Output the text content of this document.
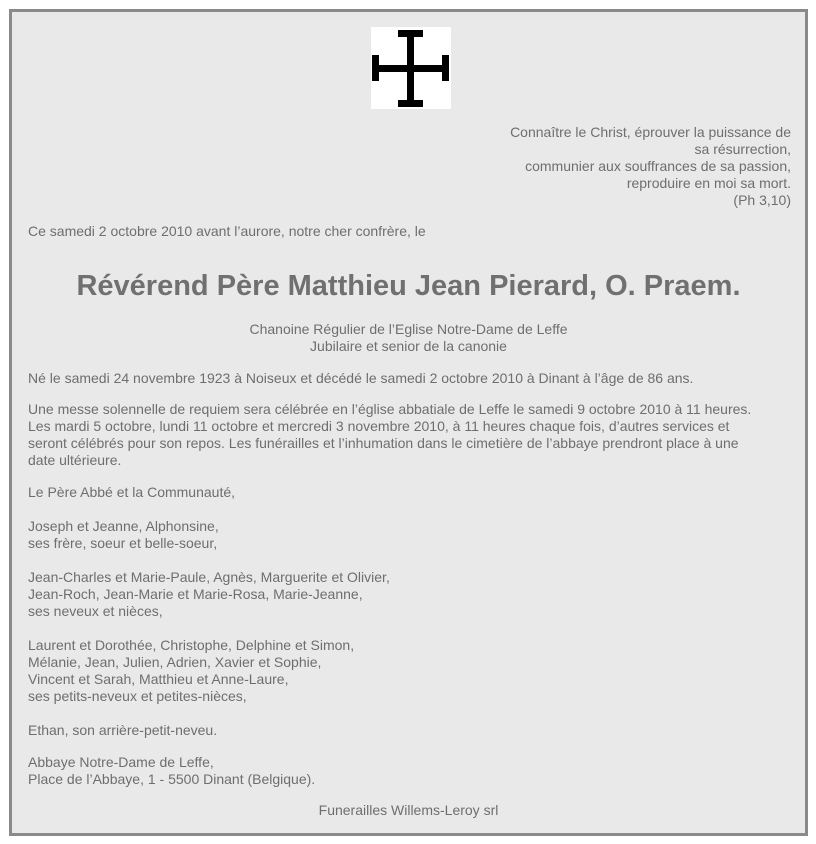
Connaître le Christ, éprouver la puissance de
sa résurrection,
communier aux souffrances de sa passion,
reproduire en moi sa mort.
(Ph 3,10)
Ce samedi 2 octobre 2010 avant l’aurore, notre cher confrère, le
Révérend Père Matthieu Jean Pierard, O. Praem.
Chanoine Régulier de l’Eglise Notre-Dame de Leffe
Jubilaire et senior de la canonie
Né le samedi 24 novembre 1923 à Noiseux et décédé le samedi 2 octobre 2010 à Dinant à l’âge de 86 ans.
Une messe solennelle de requiem sera célébrée en l’église abbatiale de Leffe le samedi 9 octobre 2010 à 11 heures.
Les mardi 5 octobre, lundi 11 octobre et mercredi 3 novembre 2010, à 11 heures chaque fois, d’autres services et
seront célébrés pour son repos. Les funérailles et l’inhumation dans le cimetière de l’abbaye prendront place à une
date ultérieure.
Le Père Abbé et la Communauté,
Joseph et Jeanne, Alphonsine,
ses frère, soeur et belle-soeur,
Jean-Charles et Marie-Paule, Agnès, Marguerite et Olivier,
Jean-Roch, Jean-Marie et Marie-Rosa, Marie-Jeanne,
ses neveux et nièces,
Laurent et Dorothée, Christophe, Delphine et Simon,
Mélanie, Jean, Julien, Adrien, Xavier et Sophie,
Vincent et Sarah, Matthieu et Anne-Laure,
ses petits-neveux et petites-nièces,
Ethan, son arrière-petit-neveu.
Abbaye Notre-Dame de Leffe,
Place de l’Abbaye, 1 - 5500 Dinant (Belgique).
Funerailles Willems-Leroy srl
